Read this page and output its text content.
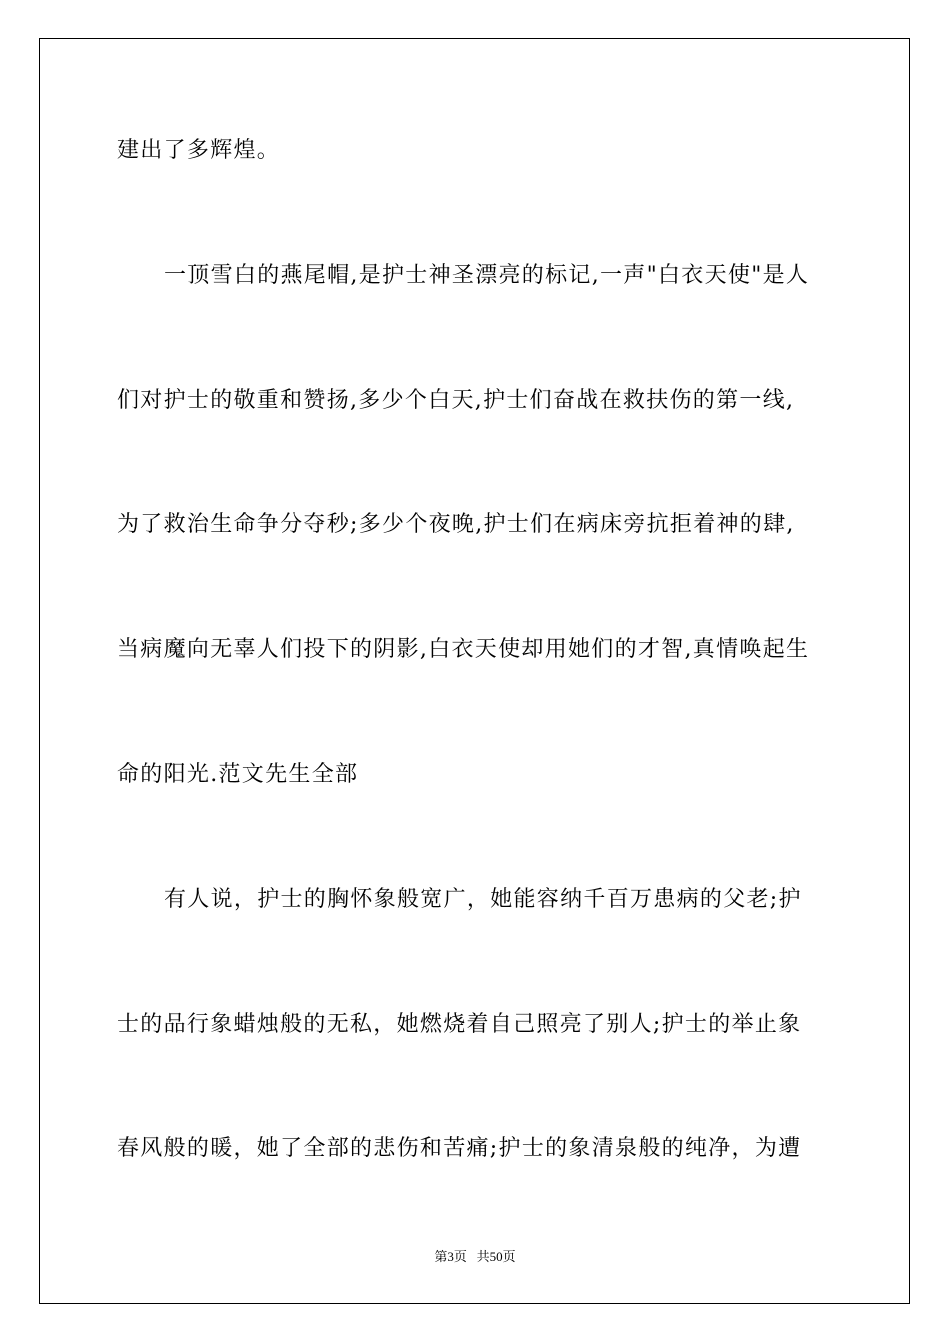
建出了多辉煌。
一顶雪白的燕尾帽,是护士神圣漂亮的标记,一声"白衣天使"是人
们对护士的敬重和赞扬,多少个白天,护士们奋战在救扶伤的第一线,
为了救治生命争分夺秒;多少个夜晚,护士们在病床旁抗拒着神的肆,
当病魔向无辜人们投下的阴影,白衣天使却用她们的才智,真情唤起生
命的阳光.范文先生全部
有人说，护士的胸怀象般宽广，她能容纳千百万患病的父老;护
士的品行象蜡烛般的无私，她燃烧着自己照亮了别人;护士的举止象
春风般的暖，她了全部的悲伤和苦痛;护士的象清泉般的纯净，为遭
第3页 共50页
